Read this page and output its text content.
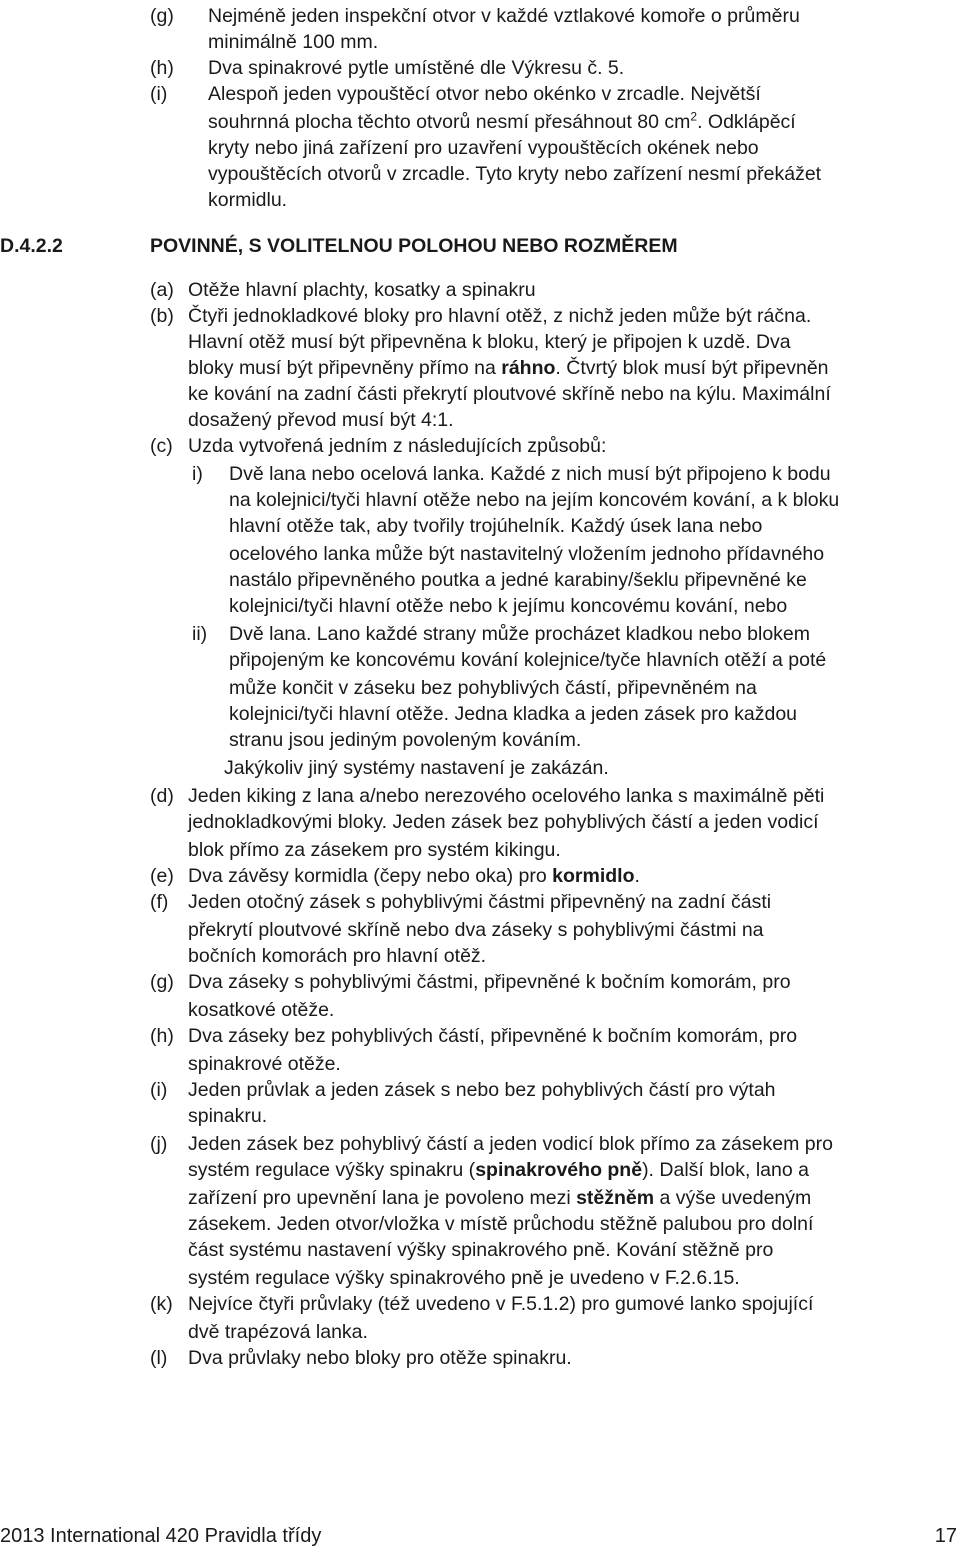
(g) Nejméně jeden inspekční otvor v každé vztlakové komoře o průměru
minimálně 100 mm.
(h) Dva spinakrové pytle umístěné dle Výkresu č. 5.
(i) Alespoň jeden vypouštěcí otvor nebo okénko v zrcadle. Největší
souhrnná plocha těchto otvorů nesmí přesáhnout 80 $cm^2$. Odklápěcí
kryty nebo jiná zařízení pro uzavření vypouštěcích okének nebo
vypouštěcích otvorů v zrcadle. Tyto kryty nebo zařízení nesmí překážet
kormidlu.
D.4.2.2	POVINNÉ, S VOLITELNOU POLOHOU NEBO ROZMĚREM
(a) Otěže hlavní plachty, kosatky a spinakru
(b) Čtyři jednokladkové bloky pro hlavní otěž, z nichž jeden může být ráčna.
Hlavní otěž musí být připevněna k bloku, který je připojen k uzdě. Dva
bloky musí být připevněny přímo na ráhno. Čtvrtý blok musí být připevněn
ke kování na zadní části překrytí ploutvové skříně nebo na kýlu. Maximální
dosažený převod musí být 4:1.
(c) Uzda vytvořená jedním z následujících způsobů:
i) Dvě lana nebo ocelová lanka. Každé z nich musí být připojeno k bodu
na kolejnici/tyči hlavní otěže nebo na jejím koncovém kování, a k bloku
hlavní otěže tak, aby tvořily trojúhelník. Každý úsek lana nebo
ocelového lanka může být nastavitelný vložením jednoho přídavného
nastálo připevněného poutka a jedné karabiny/šeklu připevněné ke
kolejnici/tyči hlavní otěže nebo k jejímu koncovému kování, nebo
ii) Dvě lana. Lano každé strany může procházet kladkou nebo blokem
připojeným ke koncovému kování kolejnice/tyče hlavních otěží a poté
může končit v záseku bez pohyblivých částí, připevněném na
kolejnici/tyči hlavní otěže. Jedna kladka a jeden zásek pro každou
stranu jsou jediným povoleným kováním.
Jakýkoliv jiný systémy nastavení je zakázán.
(d) Jeden kiking z lana a/nebo nerezového ocelového lanka s maximálně pěti
jednokladkovými bloky. Jeden zásek bez pohyblivých částí a jeden vodicí
blok přímo za zásekem pro systém kikingu.
(e) Dva závěsy kormidla (čepy nebo oka) pro kormidlo.
(f) Jeden otočný zásek s pohyblivými částmi připevněný na zadní části
překrytí ploutvové skříně nebo dva záseky s pohyblivými částmi na
bočních komorách pro hlavní otěž.
(g) Dva záseky s pohyblivými částmi, připevněné k bočním komorám, pro
kosatkové otěže.
(h) Dva záseky bez pohyblivých částí, připevněné k bočním komorám, pro
spinakrové otěže.
(i) Jeden průvlak a jeden zásek s nebo bez pohyblivých částí pro výtah
spinakru.
(j) Jeden zásek bez pohyblivý částí a jeden vodicí blok přímo za zásekem pro
systém regulace výšky spinakru (spinakrového pně). Další blok, lano a
zařízení pro upevnění lana je povoleno mezi stěžněm a výše uvedeným
zásekem. Jeden otvor/vložka v místě průchodu stěžně palubou pro dolní
část systému nastavení výšky spinakrového pně. Kování stěžně pro
systém regulace výšky spinakrového pně je uvedeno v F.2.6.15.
(k) Nejvíce čtyři průvlaky (též uvedeno v F.5.1.2) pro gumové lanko spojující
dvě trapézová lanka.
(l) Dva průvlaky nebo bloky pro otěže spinakru.
2013 International 420 Pravidla třídy	17
